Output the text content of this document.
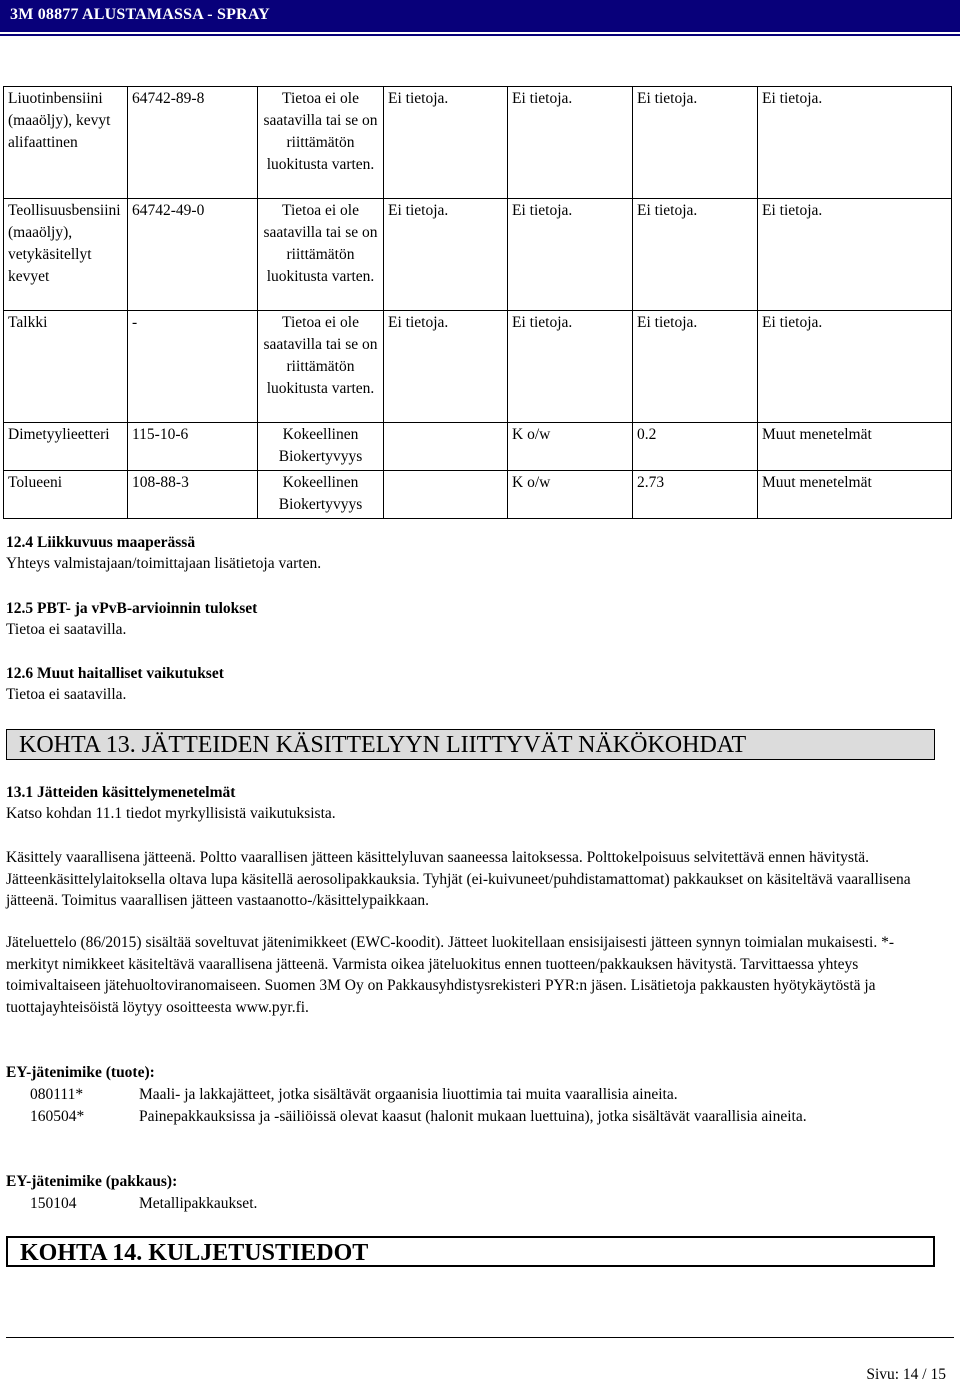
3M 08877 ALUSTAMASSA - SPRAY
Liuotinbensiini (maaöljy), kevyt alifaattinen	64742-89-8	Tietoa ei ole saatavilla tai se on riittämätön luokitusta varten.	Ei tietoja.	Ei tietoja.	Ei tietoja.	Ei tietoja.
Teollisuusbensiini (maaöljy), vetykäsitellyt kevyet	64742-49-0	Tietoa ei ole saatavilla tai se on riittämätön luokitusta varten.	Ei tietoja.	Ei tietoja.	Ei tietoja.	Ei tietoja.
Talkki	-	Tietoa ei ole saatavilla tai se on riittämätön luokitusta varten.	Ei tietoja.	Ei tietoja.	Ei tietoja.	Ei tietoja.
Dimetyylieetteri	115-10-6	Kokeellinen Biokertyvyys		K o/w	0.2	Muut menetelmät
Tolueeni	108-88-3	Kokeellinen Biokertyvyys		K o/w	2.73	Muut menetelmät
12.4 Liikkuvuus maaperässä
Yhteys valmistajaan/toimittajaan lisätietoja varten.
12.5 PBT- ja vPvB-arvioinnin tulokset
Tietoa ei saatavilla.
12.6 Muut haitalliset vaikutukset
Tietoa ei saatavilla.
KOHTA 13. JÄTTEIDEN KÄSITTELYYN LIITTYVÄT NÄKÖKOHDAT
13.1 Jätteiden käsittelymenetelmät
Katso kohdan 11.1 tiedot myrkyllisistä vaikutuksista.
Käsittely vaarallisena jätteenä. Poltto vaarallisen jätteen käsittelyluvan saaneessa laitoksessa. Polttokelpoisuus selvitettävä ennen hävitystä. Jätteenkäsittelylaitoksella oltava lupa käsitellä aerosolipakkauksia. Tyhjät (ei-kuivuneet/puhdistamattomat) pakkaukset on käsiteltävä vaarallisena jätteenä. Toimitus vaarallisen jätteen vastaanotto-/käsittelypaikkaan.
Jäteluettelo (86/2015) sisältää soveltuvat jätenimikkeet (EWC-koodit). Jätteet luokitellaan ensisijaisesti jätteen synnyn toimialan mukaisesti. *-merkityt nimikkeet käsiteltävä vaarallisena jätteenä. Varmista oikea jäteluokitus ennen tuotteen/pakkauksen hävitystä. Tarvittaessa yhteys toimivaltaiseen jätehuoltoviranomaiseen. Suomen 3M Oy on Pakkausyhdistysrekisteri PYR:n jäsen. Lisätietoja pakkausten hyötykäytöstä ja tuottajayhteisöistä löytyy osoitteesta www.pyr.fi.
EY-jätenimike (tuote):
080111*	Maali- ja lakkajätteet, jotka sisältävät orgaanisia liuottimia tai muita vaarallisia aineita.
160504*	Painepakkauksissa ja -säiliöissä olevat kaasut (halonit mukaan luettuina), jotka sisältävät vaarallisia aineita.
EY-jätenimike (pakkaus):
150104	Metallipakkaukset.
KOHTA 14. KULJETUSTIEDOT
Sivu: 14 / 15
